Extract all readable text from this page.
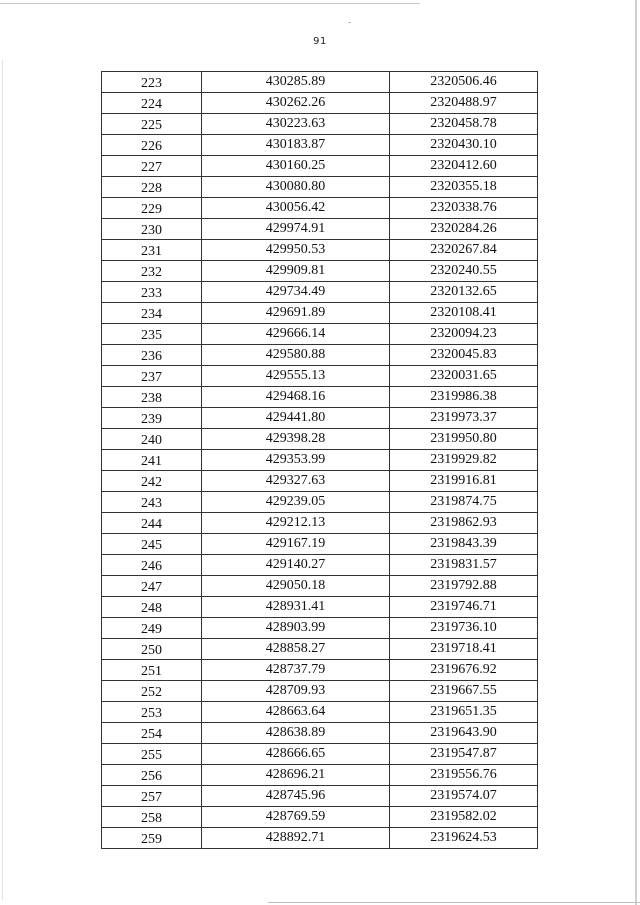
91
223	430285.89	2320506.46
224	430262.26	2320488.97
225	430223.63	2320458.78
226	430183.87	2320430.10
227	430160.25	2320412.60
228	430080.80	2320355.18
229	430056.42	2320338.76
230	429974.91	2320284.26
231	429950.53	2320267.84
232	429909.81	2320240.55
233	429734.49	2320132.65
234	429691.89	2320108.41
235	429666.14	2320094.23
236	429580.88	2320045.83
237	429555.13	2320031.65
238	429468.16	2319986.38
239	429441.80	2319973.37
240	429398.28	2319950.80
241	429353.99	2319929.82
242	429327.63	2319916.81
243	429239.05	2319874.75
244	429212.13	2319862.93
245	429167.19	2319843.39
246	429140.27	2319831.57
247	429050.18	2319792.88
248	428931.41	2319746.71
249	428903.99	2319736.10
250	428858.27	2319718.41
251	428737.79	2319676.92
252	428709.93	2319667.55
253	428663.64	2319651.35
254	428638.89	2319643.90
255	428666.65	2319547.87
256	428696.21	2319556.76
257	428745.96	2319574.07
258	428769.59	2319582.02
259	428892.71	2319624.53
